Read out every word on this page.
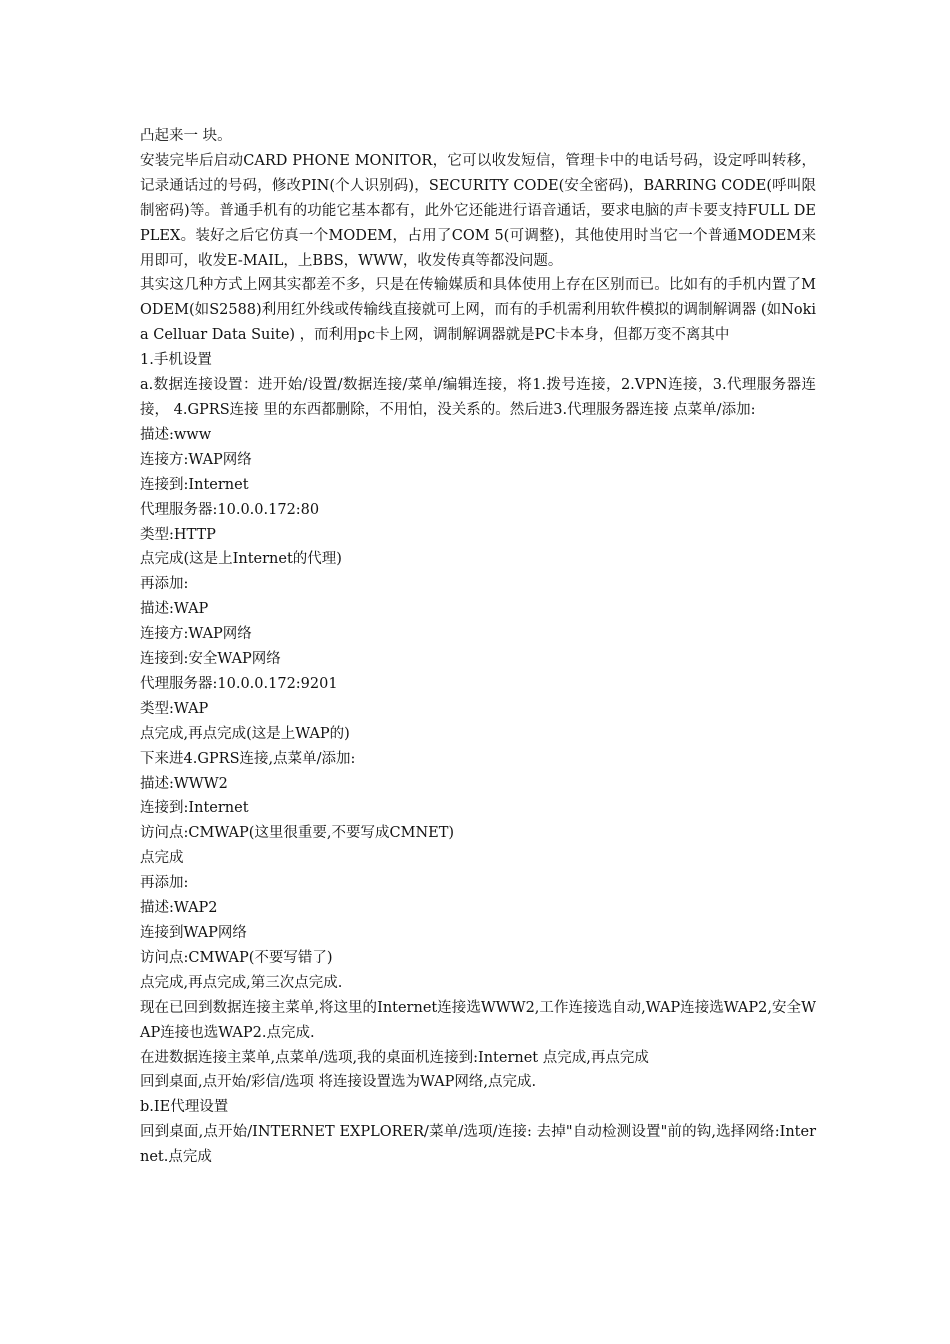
凸起来一 块。

安装完毕后启动CARD PHONE MONITOR，它可以收发短信，管理卡中的电话号码，设定呼叫转移，记录通话过的号码，修改PIN(个人识别码)，SECURITY CODE(安全密码)，BARRING CODE(呼叫限制密码)等。普通手机有的功能它基本都有，此外它还能进行语音通话，要求电脑的声卡要支持FULL DEPLEX。装好之后它仿真一个MODEM，占用了COM 5(可调整)，其他使用时当它一个普通MODEM来用即可，收发E-MAIL，上BBS，WWW，收发传真等都没问题。

其实这几种方式上网其实都差不多，只是在传输媒质和具体使用上存在区别而已。比如有的手机内置了MODEM(如S2588)利用红外线或传输线直接就可上网，而有的手机需利用软件模拟的调制解调器 (如Nokia Celluar Data Suite) ，而利用pc卡上网，调制解调器就是PC卡本身，但都万变不离其中

1.手机设置

a.数据连接设置：进开始/设置/数据连接/菜单/编辑连接，将1.拨号连接，2.VPN连接，3.代理服务器连接， 4.GPRS连接 里的东西都删除，不用怕，没关系的。然后进3.代理服务器连接 点菜单/添加:

描述:www

连接方:WAP网络

连接到:Internet

代理服务器:10.0.0.172:80

类型:HTTP

点完成(这是上Internet的代理)

再添加:

描述:WAP

连接方:WAP网络

连接到:安全WAP网络

代理服务器:10.0.0.172:9201

类型:WAP

点完成,再点完成(这是上WAP的)

下来进4.GPRS连接,点菜单/添加:

描述:WWW2

连接到:Internet

访问点:CMWAP(这里很重要,不要写成CMNET)

点完成

再添加:

描述:WAP2

连接到WAP网络

访问点:CMWAP(不要写错了)

点完成,再点完成,第三次点完成.

现在已回到数据连接主菜单,将这里的Internet连接选WWW2,工作连接选自动,WAP连接选WAP2,安全WAP连接也选WAP2.点完成.

在进数据连接主菜单,点菜单/选项,我的桌面机连接到:Internet 点完成,再点完成

回到桌面,点开始/彩信/选项 将连接设置选为WAP网络,点完成.

b.IE代理设置

回到桌面,点开始/INTERNET EXPLORER/菜单/选项/连接: 去掉"自动检测设置"前的钩,选择网络:Internet.点完成
